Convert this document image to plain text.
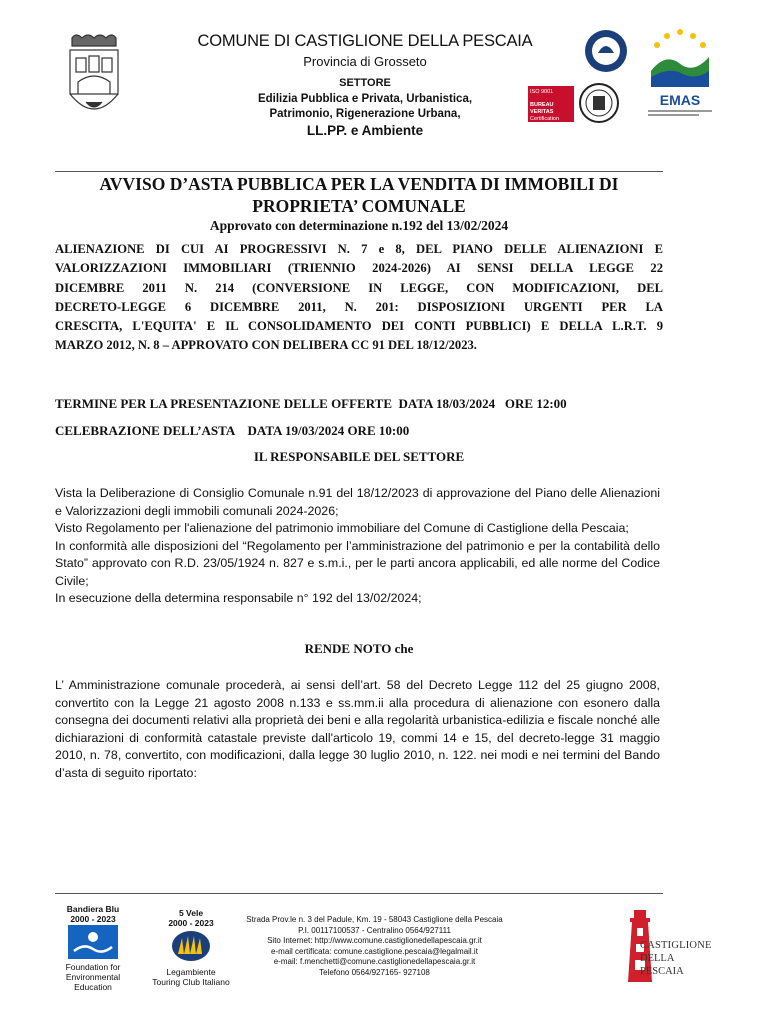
COMUNE DI CASTIGLIONE DELLA PESCAIA
Provincia di Grosseto
SETTORE
Edilizia Pubblica e Privata, Urbanistica,
Patrimonio, Rigenerazione Urbana,
LL.PP. e Ambiente
ISO 9001
BUREAU VERITAS
Certification
EMAS
AVVISO D’ASTA PUBBLICA PER LA VENDITA DI IMMOBILI DI
PROPRIETA’ COMUNALE
Approvato con determinazione n.192 del 13/02/2024
ALIENAZIONE DI CUI AI PROGRESSIVI N. 7 e 8, DEL PIANO DELLE ALIENAZIONI E
VALORIZZAZIONI IMMOBILIARI (TRIENNIO 2024-2026) AI SENSI DELLA LEGGE 22
DICEMBRE 2011 N. 214 (CONVERSIONE IN LEGGE, CON MODIFICAZIONI, DEL
DECRETO-LEGGE 6 DICEMBRE 2011, N. 201: DISPOSIZIONI URGENTI PER LA
CRESCITA, L'EQUITA' E IL CONSOLIDAMENTO DEI CONTI PUBBLICI) E DELLA L.R.T. 9
MARZO 2012, N. 8 – APPROVATO CON DELIBERA CC 91 DEL 18/12/2023.
TERMINE PER LA PRESENTAZIONE DELLE OFFERTE  DATA 18/03/2024   ORE 12:00
CELEBRAZIONE DELL’ASTA    DATA 19/03/2024 ORE 10:00
IL RESPONSABILE DEL SETTORE

Vista la Deliberazione di Consiglio Comunale n.91 del 18/12/2023 di approvazione del Piano delle Alienazioni e Valorizzazioni degli immobili comunali 2024-2026;

Visto Regolamento per l'alienazione del patrimonio immobiliare del Comune di Castiglione della Pescaia;

In conformità alle disposizioni del “Regolamento per l’amministrazione del patrimonio e per la contabilità dello Stato” approvato con R.D. 23/05/1924 n. 827 e s.m.i., per le parti ancora applicabili, ed alle norme del Codice Civile;

In esecuzione della determina responsabile n° 192 del 13/02/2024;

RENDE NOTO che

L’ Amministrazione comunale procederà, ai sensi dell’art. 58 del Decreto Legge 112 del 25 giugno 2008, convertito con la Legge 21 agosto 2008 n.133 e ss.mm.ii alla procedura di alienazione con esonero dalla consegna dei documenti relativi alla proprietà dei beni e alla regolarità urbanistica-edilizia e fiscale nonché alle dichiarazioni di conformità catastale previste dall'articolo 19, commi 14 e 15, del decreto-legge 31 maggio 2010, n. 78, convertito, con modificazioni, dalla legge 30 luglio 2010, n. 122. nei modi e nei termini del Bando d’asta di seguito riportato:

Bandiera Blu
2000 - 2023
Foundation for
Environmental
Education
5 Vele
2000 - 2023
Legambiente
Touring Club Italiano
Strada Prov.le n. 3 del Padule, Km. 19 - 58043 Castiglione della Pescaia
P.I. 00117100537 - Centralino 0564/927111
Sito Internet: http://www.comune.castiglionedellapescaia.gr.it
e-mail certificata: comune.castiglione.pescaia@legalmail.it
e-mail: f.menchetti@comune.castiglionedellapescaia.gr.it
Telefono 0564/927165- 927108
CASTIGLIONE
DELLA
PESCAIA
